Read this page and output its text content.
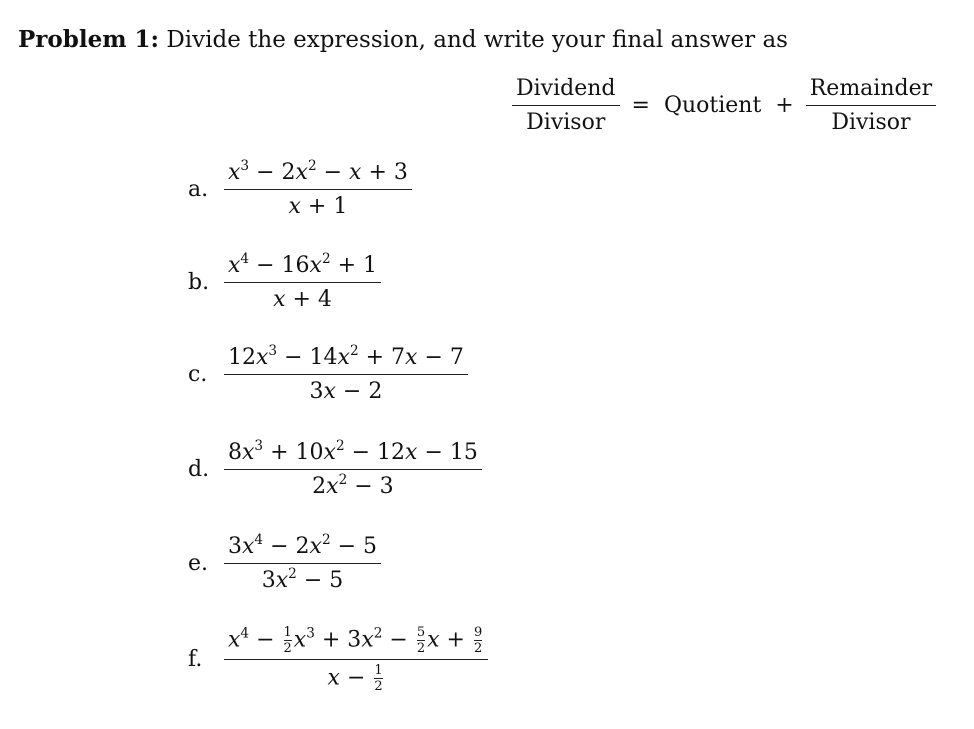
Problem 1: Divide the expression, and write your final answer as
$\frac{\text{Dividend}}{\text{Divisor}}$ = Quotient + $\frac{\text{Remainder}}{\text{Divisor}}$
a. $\frac{x^3 - 2x^2 - x + 3}{x + 1}$
b. $\frac{x^4 - 16x^2 + 1}{x + 4}$
c. $\frac{12x^3 - 14x^2 + 7x - 7}{3x - 2}$
d. $\frac{8x^3 + 10x^2 - 12x - 15}{2x^2 - 3}$
e. $\frac{3x^4 - 2x^2 - 5}{3x^2 - 5}$
f. $\frac{x^4 - \frac{1}{2} x^3 + 3x^2 - \frac{5}{2} x + \frac{9}{2}}{x - \frac{1}{2}}$
